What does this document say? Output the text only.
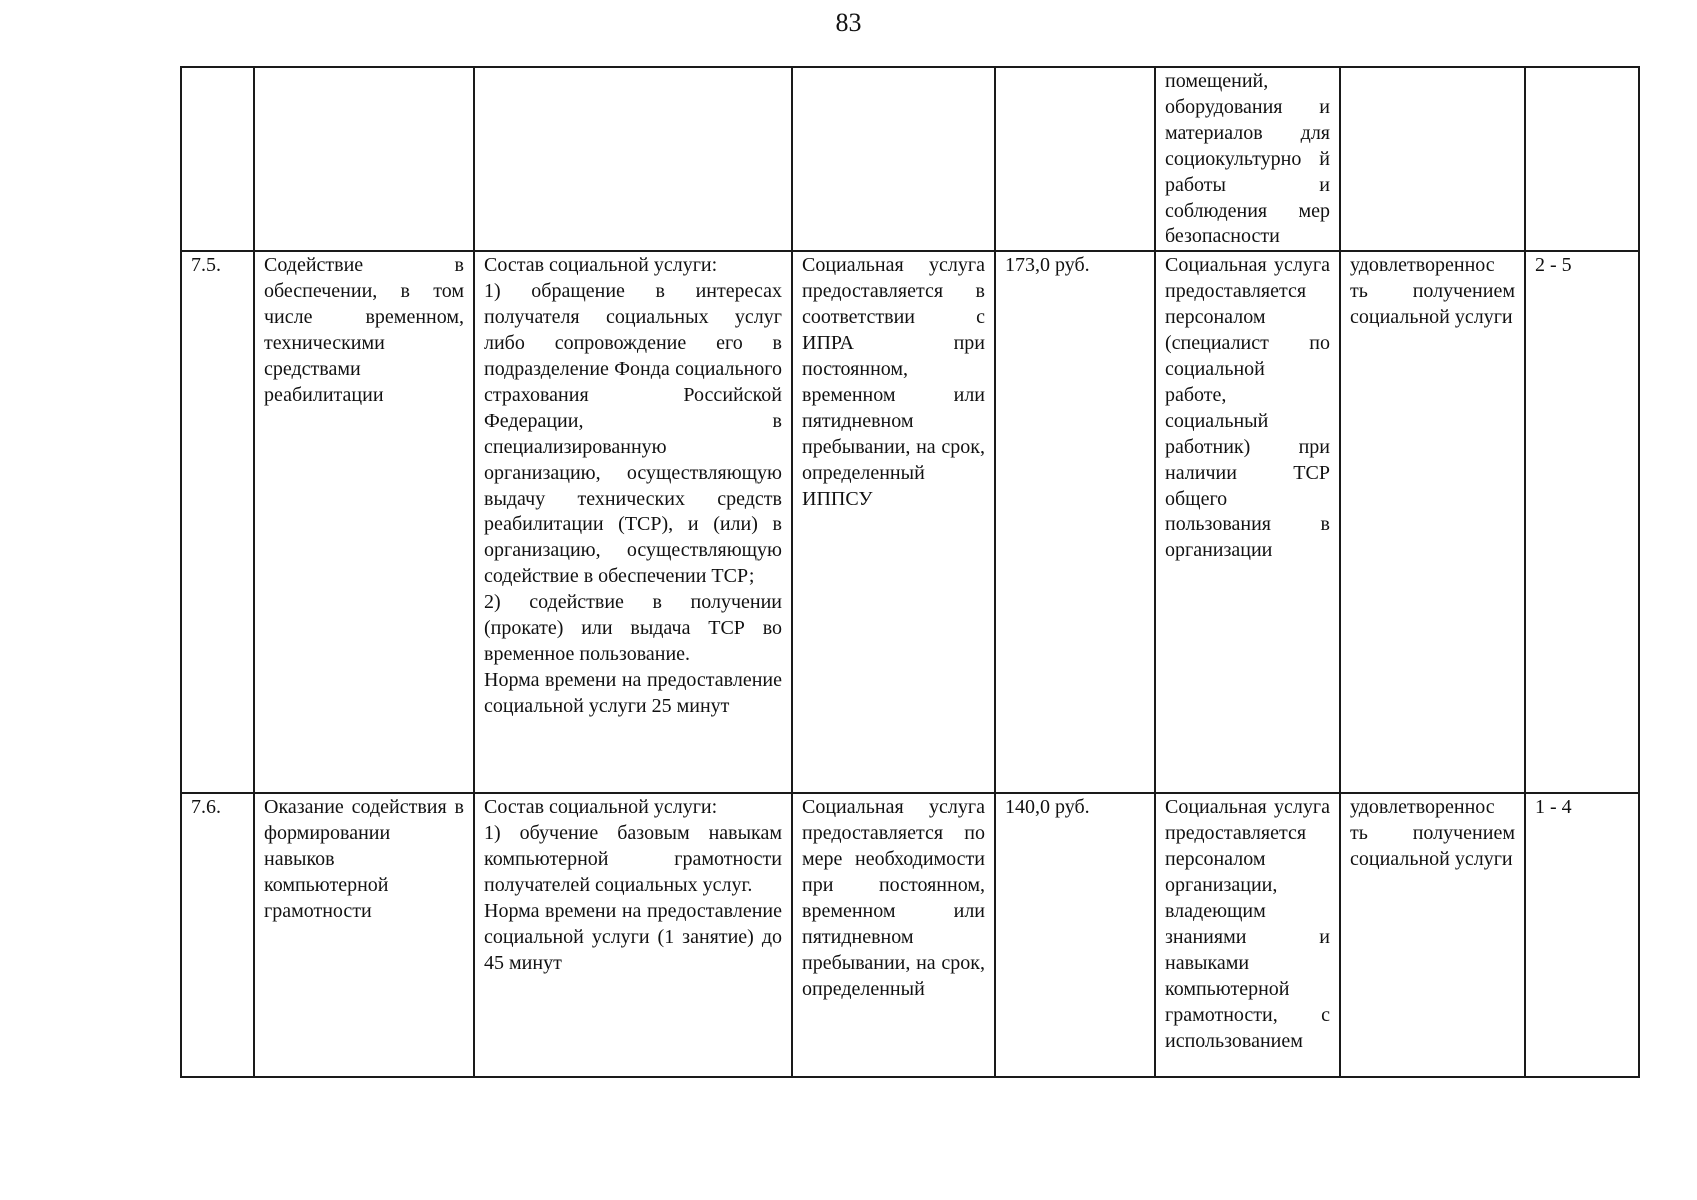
83
					помещений, оборудования и материалов для социокультурно й работы и соблюдения мер безопасности		
7.5.	Содействие в обеспечении, в том числе временном, техническими средствами реабилитации	Состав социальной услуги:
1) обращение в интересах получателя социальных услуг либо сопровождение его в подразделение Фонда социального страхования Российской Федерации, в специализированную организацию, осуществляющую выдачу технических средств реабилитации (ТСР), и (или) в организацию, осуществляющую содействие в обеспечении ТСР;
2) содействие в получении (прокате) или выдача ТСР во временное пользование.
Норма времени на предоставление социальной услуги 25 минут	Социальная услуга предоставляется в соответствии с ИПРА при постоянном, временном или пятидневном пребывании, на срок, определенный ИППСУ	173,0 руб.	Социальная услуга предоставляется персоналом (специалист по социальной работе, социальный работник) при наличии ТСР общего пользования в организации	удовлетвореннос ть получением социальной услуги	2 - 5
7.6.	Оказание содействия в формировании навыков компьютерной грамотности	Состав социальной услуги:
1) обучение базовым навыкам компьютерной грамотности получателей социальных услуг.
Норма времени на предоставление социальной услуги (1 занятие) до 45 минут	Социальная услуга предоставляется по мере необходимости при постоянном, временном или пятидневном пребывании, на срок, определенный	140,0 руб.	Социальная услуга предоставляется персоналом организации, владеющим знаниями и навыками компьютерной грамотности, с использованием	удовлетвореннос ть получением социальной услуги	1 - 4
